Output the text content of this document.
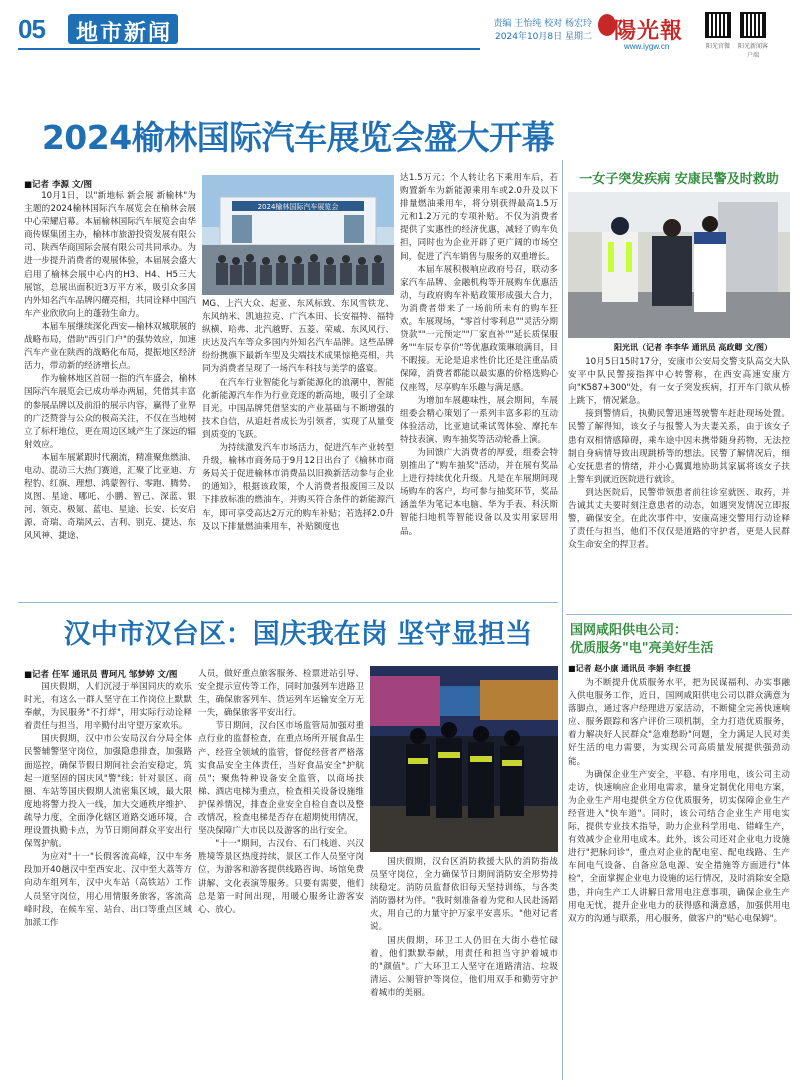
05 地市新闻	责编 王怡纯 校对 杨宏玲
2024年10月8日 星期二 陽光報
www.iygw.cn	阳光官微	阳光新闻客户端
2024榆林国际汽车展览会盛大开幕
2024榆林国际汽车展览会
■记者 李源 文/图

10月1日，以"新地标 新会展 新榆林"为主题的2024榆林国际汽车展览会在榆林会展中心荣耀启幕。本届榆林国际汽车展览会由华商传媒集团主办，榆林市旅游投资发展有限公司、陕西华商国际会展有限公司共同承办。为进一步提升消费者的观展体验，本届展会盛大启用了榆林会展中心内的H3、H4、H5三大展馆，总展出面积近3万平方米，吸引众多国内外知名汽车品牌闪耀亮相，共同诠释中国汽车产业欣欣向上的蓬勃生命力。

本届车展继续深化西安—榆林双城联展的战略布局，借助"西引门户"的强势效应，加速汽车产业在陕西的战略化布局，提振地区经济活力，带动新的经济增长点。

作为榆林地区首屈一指的汽车盛会，榆林国际汽车展览会已成功举办两届，凭借其丰富的参展品牌以及前沿的展示内容，赢得了业界的广泛赞誉与公众的极高关注，不仅在当地树立了标杆地位，更在周边区域产生了深远的辐射效应。

本届车展紧跟时代潮流，精准聚焦燃油、电动、混动三大热门赛道，汇聚了比亚迪、方程豹、红旗、理想、鸿蒙智行、零跑、腾势、岚图、星途、哪吒、小鹏、智己、深蓝、银河、领克、极氪、蓝电、星途、长安、长安启源、奇瑞、奇瑞风云、吉利、别克、捷达、东风风神、捷途、

MG、上汽大众、起亚、东风标致、东风雪铁龙、东风纳米、凯迪拉克、广汽本田、长安福特、福特纵横、哈弗、北汽越野、五菱、荣威、东风风行、庆达及汽车等众多国内外知名汽车品牌。这些品牌纷纷携旗下最新车型及尖端技术成果惊艳亮相，共同为消费者呈现了一场汽车科技与美学的盛宴。

在汽车行业智能化与新能源化的浪潮中，智能化新能源汽车作为行业竞逐的新高地，吸引了全球目光。中国品牌凭借坚实的产业基础与不断增强的技术自信，从追赶者成长为引领者，实现了从量变到质变的飞跃。

为持续激发汽车市场活力，促进汽车产业转型升级，榆林市商务局于9月12日出台了《榆林市商务局关于促进榆林市消费品以旧换新活动参与企业的通知》，根据该政策，个人消费者报废国三及以下排放标准的燃油车，并购买符合条件的新能源汽车，即可享受高达2万元的购车补贴；若选择2.0升及以下排量燃油乘用车，补贴额度也

达1.5万元；个人转让名下乘用车后，若购置新车为新能源乘用车或2.0升及以下排量燃油乘用车，将分别获得最高1.5万元和1.2万元的专项补贴。不仅为消费者提供了实惠性的经济优惠，减轻了购车负担，同时也为企业开辟了更广阔的市场空间，促进了汽车销售与服务的双重增长。

本届车展积极响应政府号召，联动多家汽车品牌、金融机构等开展购车优惠活动，与政府购车补贴政策形成强大合力，为消费者带来了一场前所未有的购车狂欢。车展现场，"零首付零利息""灵活分期贷款""一元预定""厂家直补""延长质保服务""车辰专享价"等优惠政策琳琅满目，目不暇接。无论是追求性价比还是注重品质保障，消费者都能以最实惠的价格选购心仪座驾，尽享购车乐趣与满足感。

为增加车展趣味性，展会期间，车展组委会精心策划了一系列丰富多彩的互动体验活动，比亚迪试乘试驾体验、摩托车特技表演、购车抽奖等活动轮番上演。

为回馈广大消费者的厚爱，组委会特别推出了"购车抽奖"活动，并在展有奖品上进行持续优化升级。凡是在车展期间现场购车的客户，均可参与抽奖环节，奖品涵盖华为笔记本电脑、华为手表、科沃斯智能扫地机等智能设备以及实用家居用品。

一女子突发疾病 安康民警及时救助
阳光讯（记者 李李华 通讯员 高政卿 文/图）

10月5日15时17分，安康市公安局交警支队高交大队安平中队民警接指挥中心转警称，在西安高速安康方向"K587+300"处，有一女子突发疾病，打开车门欲从桥上跳下，情况紧急。

接到警情后，执勤民警迅速驾驶警车赶赴现场处置。民警了解得知，该女子与报警人为夫妻关系，由于该女子患有双相情感障碍，乘车途中因未携带随身药物，无法控制自身病情导致出现跳桥等的想法。民警了解情况后，细心安抚患者的情绪，并小心翼翼地协助其家属将该女子扶上警车到就近医院进行就诊。

到达医院后，民警带领患者前往诊室就医、取药，并告诫其丈夫要时刻注意患者的动态，如遇突发情况立即报警，确保安全。在此次事件中，安康高速交警用行动诠释了责任与担当，他们不仅仅是道路的守护者，更是人民群众生命安全的捍卫者。

国网咸阳供电公司：
优质服务"电"亮美好生活
■记者 赵小康 通讯员 李娟 李红援

为不断提升优质服务水平，把为民谋福利、办实事融入供电服务工作，近日，国网咸阳供电公司以群众满意为落脚点，通过客户经理进万家活动，不断健全完善快速响应、服务跟踪和客户评价三项机制，全力打造优质服务，着力解决好人民群众"急难愁盼"问题，全力满足人民对美好生活的电力需要，为实现公司高质量发展提供强劲动能。

为确保企业生产安全，平稳、有序用电，该公司主动走访，快速响应企业用电需求，量身定制优化用电方案，为企业生产用电提供全方位优质服务，切实保障企业生产经营进入"快车道"。同时，该公司结合企业生产用电实际，提供专业技术指导，助力企业科学用电、错峰生产，有效减少企业用电成本。此外，该公司还对企业电力设施进行"把脉问诊"，重点对企业的配电室、配电线路、生产车间电气设备、自备应急电源、安全措施等方面进行"体检"，全面掌握企业电力设施的运行情况，及时消除安全隐患，并向生产工人讲解日常用电注意事项，确保企业生产用电无忧，提升企业电力的获得感和满意感，加强供用电双方的沟通与联系，用心服务，做客户的"贴心电保姆"。

汉中市汉台区：国庆我在岗 坚守显担当
■记者 任军 通讯员 曹珂凡 邹梦婷 文/图

国庆假期，人们沉浸于举国同庆的欢乐时光，有这么一群人坚守在工作岗位上默默奉献，为民服务"不打烊"，用实际行动诠释着责任与担当，用辛勤付出守望万家欢乐。

国庆假期，汉中市公安局汉台分局全体民警辅警坚守岗位，加强隐患排查，加强路面巡控，确保节假日期间社会治安稳定，筑起一道坚固的国庆风"警"线；针对景区、商圈、车站等国庆假期人流密集区域，最大限度地将警力投入一线，加大交通秩序维护、疏导力度，全面净化辖区道路交通环境，合理设置执勤卡点，为节日期间群众平安出行保驾护航。

为应对"十一"长假客流高峰，汉中车务段加开40趟汉中至西安北、汉中至大荔等方向动车组列车，汉中火车站（高铁站）工作人员坚守岗位，用心用情服务旅客，客流高峰时段，在候车室、站台、出口等重点区域加派工作

人员，做好重点旅客服务、检票进站引导、安全提示宣传等工作，同时加强列车进路卫生，确保旅客列车、货运列车运输安全万无一失，确保旅客平安出行。

节日期间，汉台区市场监管局加强对重点行业的监督检查，在重点场所开展食品生产、经营全领域的监管，督促经营者严格落实食品安全主体责任，当好食品安全"护航员"；聚焦特种设备安全监管，以商场扶梯、酒店电梯为重点，检查相关设备设施维护保养情况，排查企业安全自检自查以及整改情况，检查电梯是否存在超期使用情况，坚决保障广大市民以及游客的出行安全。

"十一"期间，古汉台、石门栈道、兴汉胜境等景区热度持续，景区工作人员坚守岗位，为游客和游客提供线路咨询、场馆免费讲解、文化表演等服务。只要有需要，他们总是第一时间出现，用暖心服务让游客安心、放心。

国庆假期，汉台区消防救援大队的消防指战员坚守岗位，全力确保节日期间消防安全形势持续稳定。消防员监督依旧每天坚持训练，与各类消防器材为伴。"我时刻准备着为党和人民赴汤蹈火，用自己的力量守护万家平安喜乐。"他对记者说。

国庆假期，环卫工人仍旧在大街小巷忙碌着，他们默默奉献，用责任和担当守护着城市的"颜值"。广大环卫工人坚守在道路清洁、垃圾清运、公厕管护等岗位，他们用双手和勤劳守护着城市的美丽。
